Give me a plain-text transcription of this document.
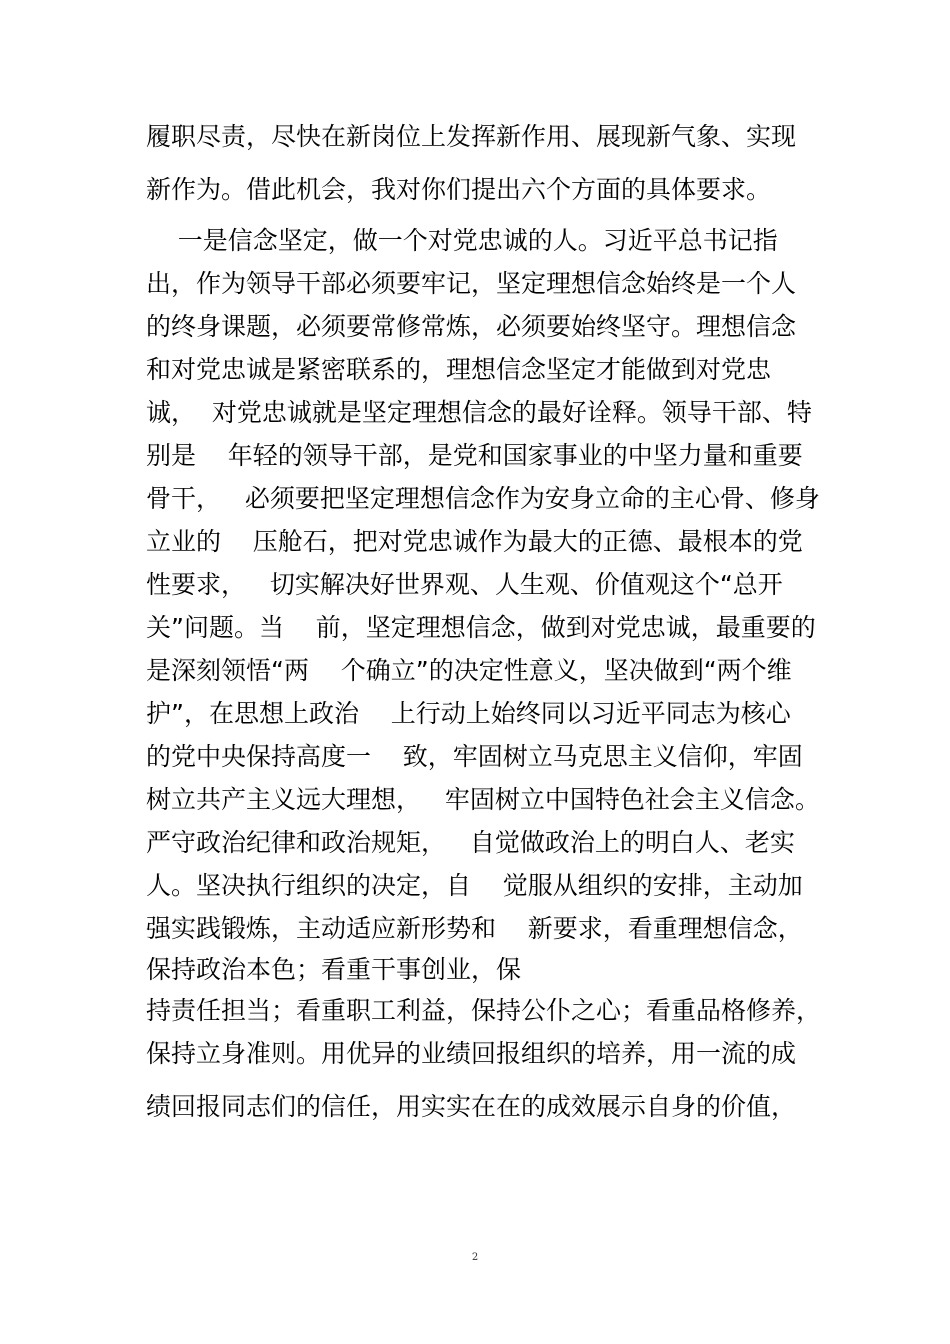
履职尽责，尽快在新岗位上发挥新作用、展现新气象、实现
新作为。借此机会，我对你们提出六个方面的具体要求。
一是信念坚定，做一个对党忠诚的人。习近平总书记指
出，作为领导干部必须要牢记，坚定理想信念始终是一个人
的终身课题，必须要常修常炼，必须要始终坚守。理想信念
和对党忠诚是紧密联系的，理想信念坚定才能做到对党忠
诚，  对党忠诚就是坚定理想信念的最好诠释。领导干部、特
别是    年轻的领导干部，是党和国家事业的中坚力量和重要
骨干，   必须要把坚定理想信念作为安身立命的主心骨、修身
立业的    压舱石，把对党忠诚作为最大的正德、最根本的党
性要求，   切实解决好世界观、人生观、价值观这个“总开
关”问题。当    前，坚定理想信念，做到对党忠诚，最重要的
是深刻领悟“两    个确立”的决定性意义，坚决做到“两个维
护”，在思想上政治    上行动上始终同以习近平同志为核心
的党中央保持高度一    致，牢固树立马克思主义信仰，牢固
树立共产主义远大理想，   牢固树立中国特色社会主义信念。
严守政治纪律和政治规矩，   自觉做政治上的明白人、老实
人。坚决执行组织的决定，自    觉服从组织的安排，主动加
强实践锻炼，主动适应新形势和    新要求，看重理想信念，
保持政治本色；看重干事创业，保
持责任担当；看重职工利益，保持公仆之心；看重品格修养，
保持立身准则。用优异的业绩回报组织的培养，用一流的成
绩回报同志们的信任，用实实在在的成效展示自身的价值，
2
